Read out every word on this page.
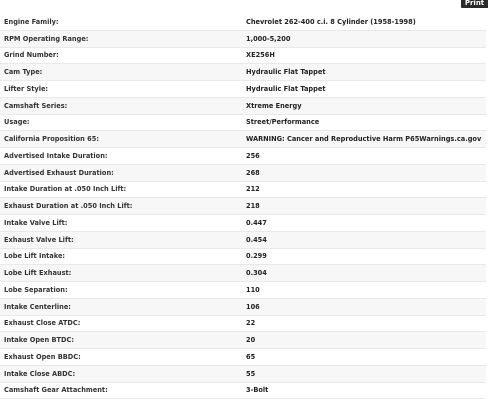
Print
Engine Family:	Chevrolet 262-400 c.i. 8 Cylinder (1958-1998)
RPM Operating Range:	1,000-5,200
Grind Number:	XE256H
Cam Type:	Hydraulic Flat Tappet
Lifter Style:	Hydraulic Flat Tappet
Camshaft Series:	Xtreme Energy
Usage:	Street/Performance
California Proposition 65:	WARNING: Cancer and Reproductive Harm P65Warnings.ca.gov
Advertised Intake Duration:	256
Advertised Exhaust Duration:	268
Intake Duration at .050 Inch Lift:	212
Exhaust Duration at .050 Inch Lift:	218
Intake Valve Lift:	0.447
Exhaust Valve Lift:	0.454
Lobe Lift Intake:	0.299
Lobe Lift Exhaust:	0.304
Lobe Separation:	110
Intake Centerline:	106
Exhaust Close ATDC:	22
Intake Open BTDC:	20
Exhaust Open BBDC:	65
Intake Close ABDC:	55
Camshaft Gear Attachment:	3-Bolt
